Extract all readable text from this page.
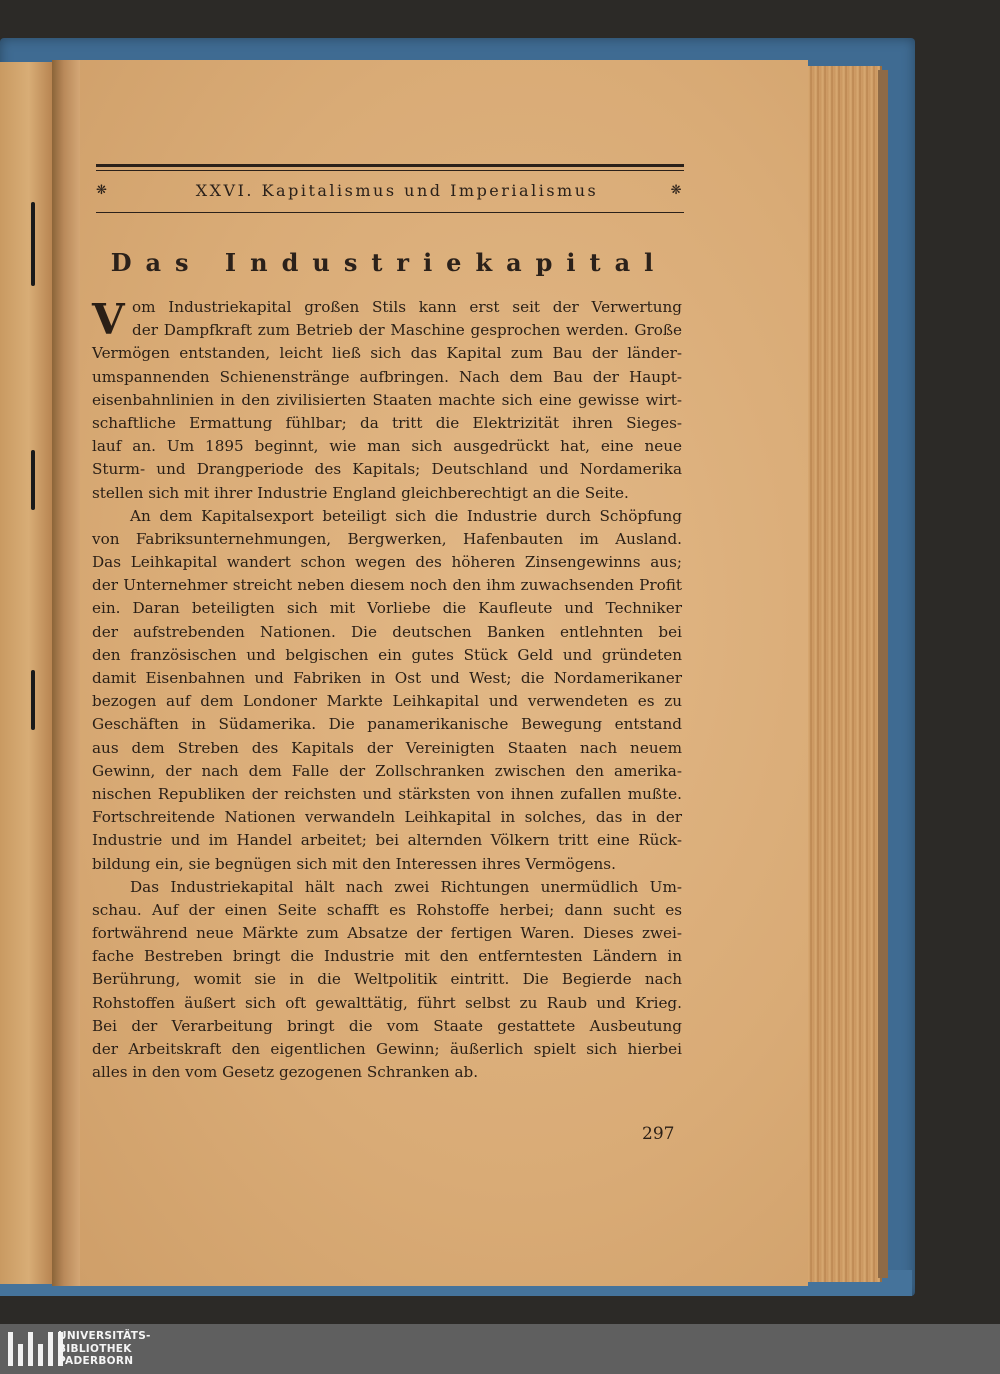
❋	XXVI. Kapitalismus und Imperialismus	❋
Das Industriekapital
V om Industriekapital großen Stils kann erst seit der Verwertung
der Dampfkraft zum Betrieb der Maschine gesprochen werden. Große
Vermögen entstanden, leicht ließ sich das Kapital zum Bau der länder-
umspannenden Schienenstränge aufbringen. Nach dem Bau der Haupt-
eisenbahnlinien in den zivilisierten Staaten machte sich eine gewisse wirt-
schaftliche Ermattung fühlbar; da tritt die Elektrizität ihren Sieges-
lauf an. Um 1895 beginnt, wie man sich ausgedrückt hat, eine neue
Sturm- und Drangperiode des Kapitals; Deutschland und Nordamerika
stellen sich mit ihrer Industrie England gleichberechtigt an die Seite.
An dem Kapitalsexport beteiligt sich die Industrie durch Schöpfung
von Fabriksunternehmungen, Bergwerken, Hafenbauten im Ausland.
Das Leihkapital wandert schon wegen des höheren Zinsengewinns aus;
der Unternehmer streicht neben diesem noch den ihm zuwachsenden Profit
ein. Daran beteiligten sich mit Vorliebe die Kaufleute und Techniker
der aufstrebenden Nationen. Die deutschen Banken entlehnten bei
den französischen und belgischen ein gutes Stück Geld und gründeten
damit Eisenbahnen und Fabriken in Ost und West; die Nordamerikaner
bezogen auf dem Londoner Markte Leihkapital und verwendeten es zu
Geschäften in Südamerika. Die panamerikanische Bewegung entstand
aus dem Streben des Kapitals der Vereinigten Staaten nach neuem
Gewinn, der nach dem Falle der Zollschranken zwischen den amerika-
nischen Republiken der reichsten und stärksten von ihnen zufallen mußte.
Fortschreitende Nationen verwandeln Leihkapital in solches, das in der
Industrie und im Handel arbeitet; bei alternden Völkern tritt eine Rück-
bildung ein, sie begnügen sich mit den Interessen ihres Vermögens.
Das Industriekapital hält nach zwei Richtungen unermüdlich Um-
schau. Auf der einen Seite schafft es Rohstoffe herbei; dann sucht es
fortwährend neue Märkte zum Absatze der fertigen Waren. Dieses zwei-
fache Bestreben bringt die Industrie mit den entferntesten Ländern in
Berührung, womit sie in die Weltpolitik eintritt. Die Begierde nach
Rohstoffen äußert sich oft gewalttätig, führt selbst zu Raub und Krieg.
Bei der Verarbeitung bringt die vom Staate gestattete Ausbeutung
der Arbeitskraft den eigentlichen Gewinn; äußerlich spielt sich hierbei
alles in den vom Gesetz gezogenen Schranken ab.
297
UNIVERSITÄTS-
BIBLIOTHEK
PADERBORN
